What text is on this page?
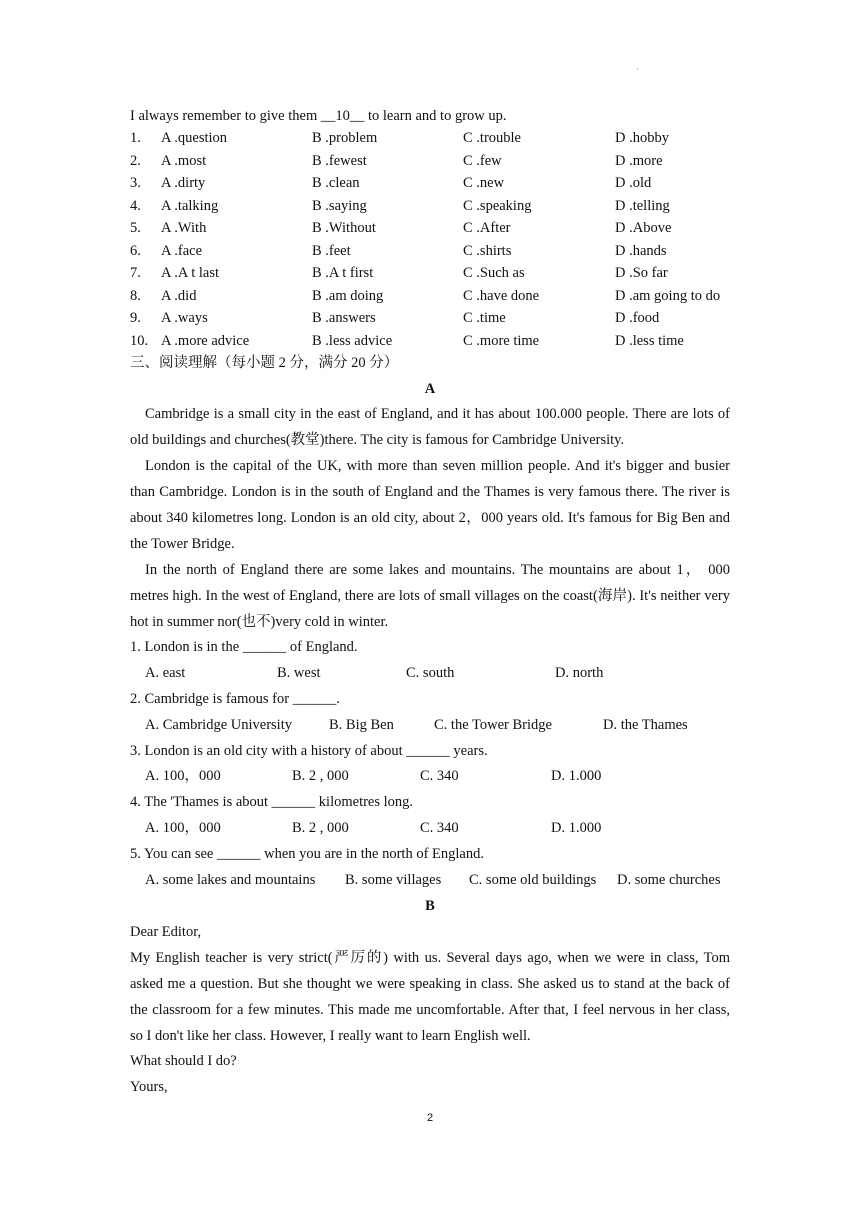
·
I always remember to give them __10__ to learn and to grow up.
1. A .question	B .problem	C .trouble	D .hobby
2. A .most	B .fewest	C .few	D .more
3. A .dirty	B .clean	C .new	D .old
4. A .talking	B .saying	C .speaking	D .telling
5. A .With	B .Without	C .After	D .Above
6. A .face	B .feet	C .shirts	D .hands
7. A .A t last	B .A t first	C .Such as	D .So far
8. A .did	B .am doing	C .have done	D .am going to do
9. A .ways	B .answers	C .time	D .food
10. A .more advice	B .less advice	C .more time	D .less time
三、阅读理解（每小题 2 分，满分 20 分）
A

Cambridge is a small city in the east of England, and it has about 100.000 people. There are lots of old buildings and churches(教堂)there. The city is famous for Cambridge University.

London is the capital of the UK, with more than seven million people. And it's bigger and busier than Cambridge. London is in the south of England and the Thames is very famous there. The river is about 340 kilometres long. London is an old city, about 2，000 years old. It's famous for Big Ben and the Tower Bridge.

In the north of England there are some lakes and mountains. The mountains are about 1， 000 metres high. In the west of England, there are lots of small villages on the coast(海岸). It's neither very hot in summer nor(也不)very cold in winter.

1. London is in the ______ of England.
A. east	B. west	C. south	D. north
2. Cambridge is famous for ______.
A. Cambridge University	B. Big Ben	C. the Tower Bridge	D. the Thames
3. London is an old city with a history of about ______ years.
A. 100，000	B. 2 , 000	C. 340	D. 1.000
4. The 'Thames is about ______ kilometres long.
A. 100，000	B. 2 , 000	C. 340	D. 1.000
5. You can see ______ when you are in the north of England.
A. some lakes and mountains B. some villages C. some old buildings D. some churches
B
Dear Editor,

My English teacher is very strict(严厉的) with us. Several days ago, when we were in class, Tom asked me a question. But she thought we were speaking in class. She asked us to stand at the back of the classroom for a few minutes. This made me uncomfortable. After that, I feel nervous in her class, so I don't like her class. However, I really want to learn English well.

What should I do?
Yours,
2
